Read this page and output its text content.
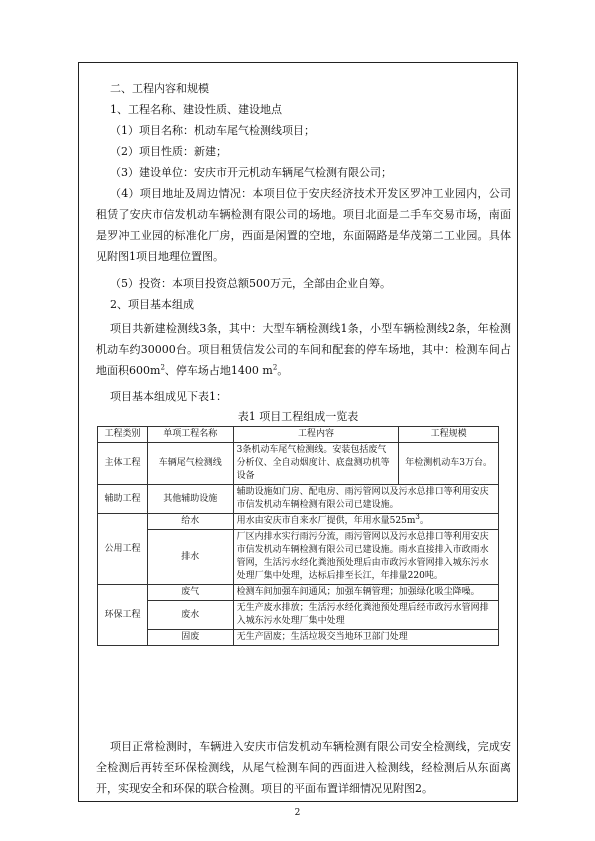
二、工程内容和规模

1、工程名称、建设性质、建设地点

（1）项目名称：机动车尾气检测线项目；

（2）项目性质：新建；

（3）建设单位：安庆市开元机动车辆尾气检测有限公司；

（4）项目地址及周边情况：本项目位于安庆经济技术开发区罗冲工业园内，公司租赁了安庆市信发机动车辆检测有限公司的场地。项目北面是二手车交易市场，南面是罗冲工业园的标准化厂房，西面是闲置的空地，东面隔路是华茂第二工业园。具体见附图1项目地理位置图。

（5）投资：本项目投资总额500万元，全部由企业自筹。

2、项目基本组成

项目共新建检测线3条，其中：大型车辆检测线1条，小型车辆检测线2条，年检测机动车约30000台。项目租赁信发公司的车间和配套的停车场地，其中：检测车间占地面积$600m^2$、停车场占地1400 $m^2$。

项目基本组成见下表1：

表1 项目工程组成一览表
工程类别	单项工程名称	工程内容	工程规模
主体工程	车辆尾气检测线	3条机动车尾气检测线。安装包括废气分析仪、全自动烟度计、底盘测功机等设备	年检测机动车3万台。
辅助工程	其他辅助设施	辅助设施如门房、配电房、雨污管网以及污水总排口等利用安庆市信发机动车辆检测有限公司已建设施。	
公用工程	给水	用水由安庆市自来水厂提供，年用水量$525m^3$。	
	排水	厂区内排水实行雨污分流，雨污管网以及污水总排口等利用安庆市信发机动车辆检测有限公司已建设施。雨水直接排入市政雨水管网，生活污水经化粪池预处理后由市政污水管网排入城东污水处理厂集中处理，达标后排至长江，年排量220吨。	
环保工程	废气	检测车间加强车间通风；加强车辆管理；加强绿化吸尘降噪。	
	废水	无生产废水排放；生活污水经化粪池预处理后经市政污水管网排入城东污水处理厂集中处理	
	固废	无生产固废；生活垃圾交当地环卫部门处理	

项目正常检测时，车辆进入安庆市信发机动车辆检测有限公司安全检测线，完成安全检测后再转至环保检测线，从尾气检测车间的西面进入检测线，经检测后从东面离开，实现安全和环保的联合检测。项目的平面布置详细情况见附图2。

2
